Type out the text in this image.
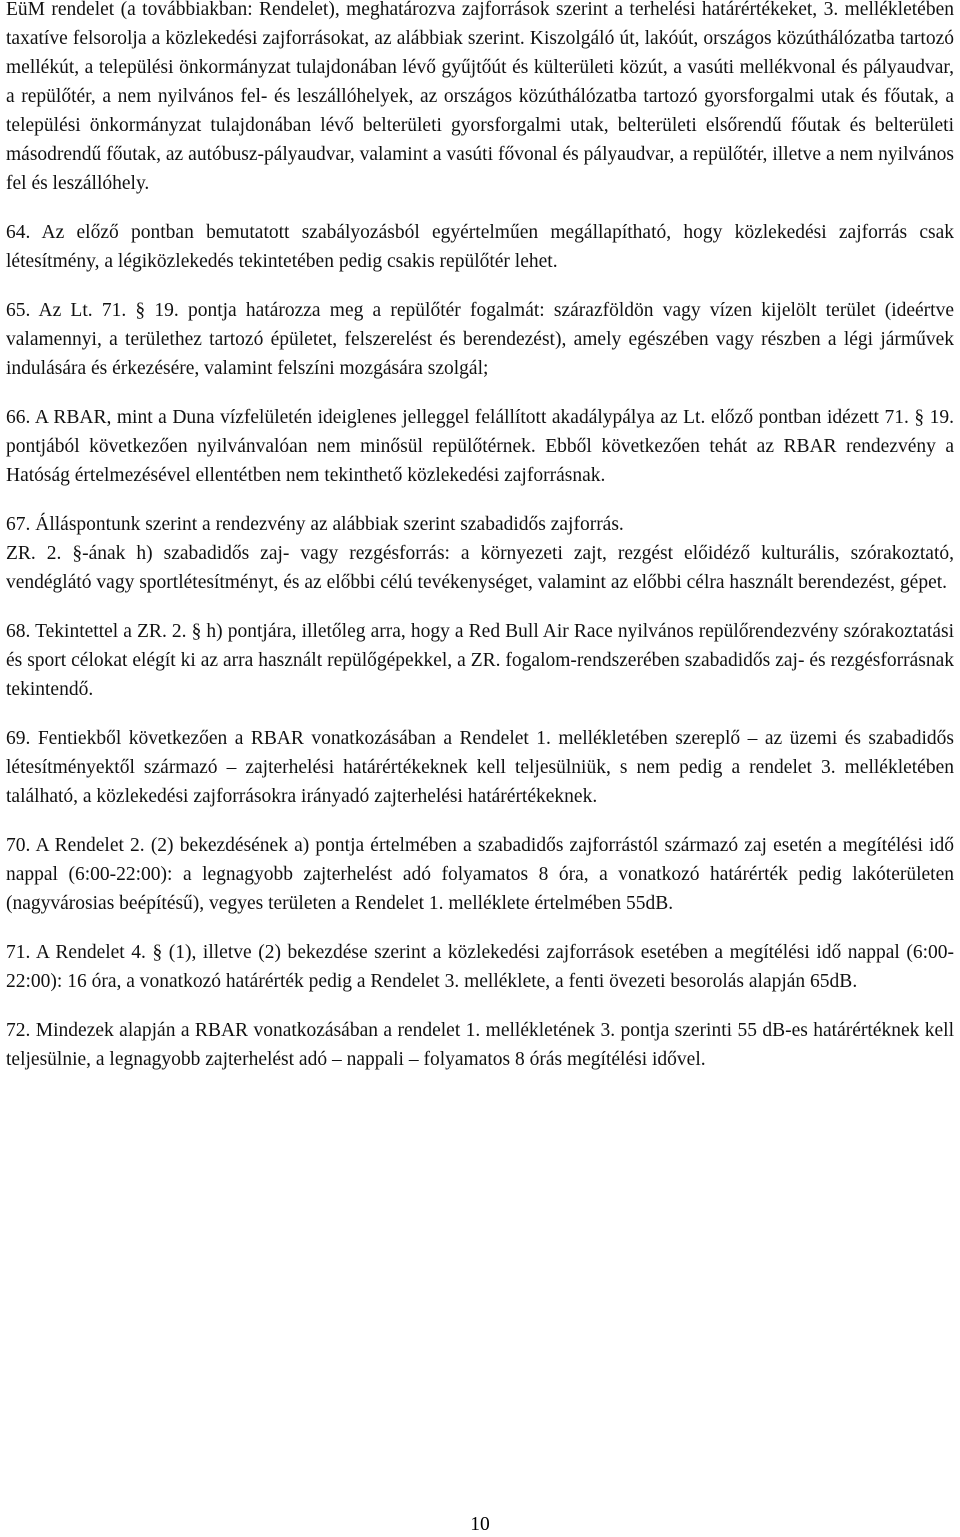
EüM rendelet (a továbbiakban: Rendelet), meghatározva zajforrások szerint a terhelési határértékeket, 3. mellékletében taxatíve felsorolja a közlekedési zajforrásokat, az alábbiak szerint. Kiszolgáló út, lakóút, országos közúthálózatba tartozó mellékút, a települési önkormányzat tulajdonában lévő gyűjtőút és külterületi közút, a vasúti mellékvonal és pályaudvar, a repülőtér, a nem nyilvános fel- és leszállóhelyek, az országos közúthálózatba tartozó gyorsforgalmi utak és főutak, a települési önkormányzat tulajdonában lévő belterületi gyorsforgalmi utak, belterületi elsőrendű főutak és belterületi másodrendű főutak, az autóbusz-pályaudvar, valamint a vasúti fővonal és pályaudvar, a repülőtér, illetve a nem nyilvános fel és leszállóhely.

64. Az előző pontban bemutatott szabályozásból egyértelműen megállapítható, hogy közlekedési zajforrás csak létesítmény, a légiközlekedés tekintetében pedig csakis repülőtér lehet.

65. Az Lt. 71. § 19. pontja határozza meg a repülőtér fogalmát: szárazföldön vagy vízen kijelölt terület (ideértve valamennyi, a területhez tartozó épületet, felszerelést és berendezést), amely egészében vagy részben a légi járművek indulására és érkezésére, valamint felszíni mozgására szolgál;

66. A RBAR, mint a Duna vízfelületén ideiglenes jelleggel felállított akadálypálya az Lt. előző pontban idézett 71. § 19. pontjából következően nyilvánvalóan nem minősül repülőtérnek. Ebből következően tehát az RBAR rendezvény a Hatóság értelmezésével ellentétben nem tekinthető közlekedési zajforrásnak.

67. Álláspontunk szerint a rendezvény az alábbiak szerint szabadidős zajforrás.

ZR. 2. §-ának h) szabadidős zaj- vagy rezgésforrás: a környezeti zajt, rezgést előidéző kulturális, szórakoztató, vendéglátó vagy sportlétesítményt, és az előbbi célú tevékenységet, valamint az előbbi célra használt berendezést, gépet.

68. Tekintettel a ZR. 2. § h) pontjára, illetőleg arra, hogy a Red Bull Air Race nyilvános repülőrendezvény szórakoztatási és sport célokat elégít ki az arra használt repülőgépekkel, a ZR. fogalom-rendszerében szabadidős zaj- és rezgésforrásnak tekintendő.

69. Fentiekből következően a RBAR vonatkozásában a Rendelet 1. mellékletében szereplő – az üzemi és szabadidős létesítményektől származó – zajterhelési határértékeknek kell teljesülniük, s nem pedig a rendelet 3. mellékletében található, a közlekedési zajforrásokra irányadó zajterhelési határértékeknek.

70. A Rendelet 2. (2) bekezdésének a) pontja értelmében a szabadidős zajforrástól származó zaj esetén a megítélési idő nappal (6:00-22:00): a legnagyobb zajterhelést adó folyamatos 8 óra, a vonatkozó határérték pedig lakóterületen (nagyvárosias beépítésű), vegyes területen a Rendelet 1. melléklete értelmében 55dB.

71. A Rendelet 4. § (1), illetve (2) bekezdése szerint a közlekedési zajforrások esetében a megítélési idő nappal (6:00-22:00): 16 óra, a vonatkozó határérték pedig a Rendelet 3. melléklete, a fenti övezeti besorolás alapján 65dB.

72. Mindezek alapján a RBAR vonatkozásában a rendelet 1. mellékletének 3. pontja szerinti 55 dB-es határértéknek kell teljesülnie, a legnagyobb zajterhelést adó – nappali – folyamatos 8 órás megítélési idővel.

10
